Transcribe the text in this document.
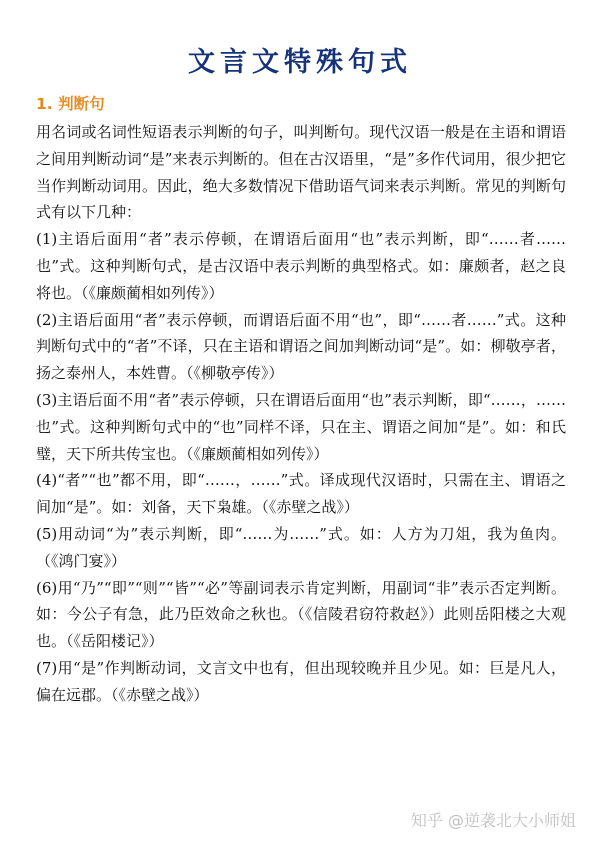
文言文特殊句式
1. 判断句

用名词或名词性短语表示判断的句子，叫判断句。现代汉语一般是在主语和谓语之间用判断动词“是”来表示判断的。但在古汉语里，“是”多作代词用，很少把它当作判断动词用。因此，绝大多数情况下借助语气词来表示判断。常见的判断句式有以下几种：

(1)主语后面用“者”表示停顿，在谓语后面用“也”表示判断，即“……者……也”式。这种判断句式，是古汉语中表示判断的典型格式。如：廉颇者，赵之良将也。（《廉颇蔺相如列传》）

(2)主语后面用“者”表示停顿，而谓语后面不用“也”，即“……者……”式。这种判断句式中的“者”不译，只在主语和谓语之间加判断动词“是”。如：柳敬亭者，扬之泰州人，本姓曹。（《柳敬亭传》）

(3)主语后面不用“者”表示停顿，只在谓语后面用“也”表示判断，即“……，……也”式。这种判断句式中的“也”同样不译，只在主、谓语之间加“是”。如：和氏璧，天下所共传宝也。（《廉颇蔺相如列传》）

(4)“者”“也”都不用，即“……，……”式。译成现代汉语时，只需在主、谓语之间加“是”。如：刘备，天下枭雄。（《赤壁之战》）

(5)用动词“为”表示判断，即“……为……”式。如：人方为刀俎，我为鱼肉。（《鸿门宴》）

(6)用“乃”“即”“则”“皆”“必”等副词表示肯定判断，用副词“非”表示否定判断。如：今公子有急，此乃臣效命之秋也。（《信陵君窃符救赵》）此则岳阳楼之大观也。（《岳阳楼记》）

(7)用“是”作判断动词，文言文中也有，但出现较晚并且少见。如：巨是凡人，偏在远郡。（《赤壁之战》）

知乎 @逆袭北大小师姐
